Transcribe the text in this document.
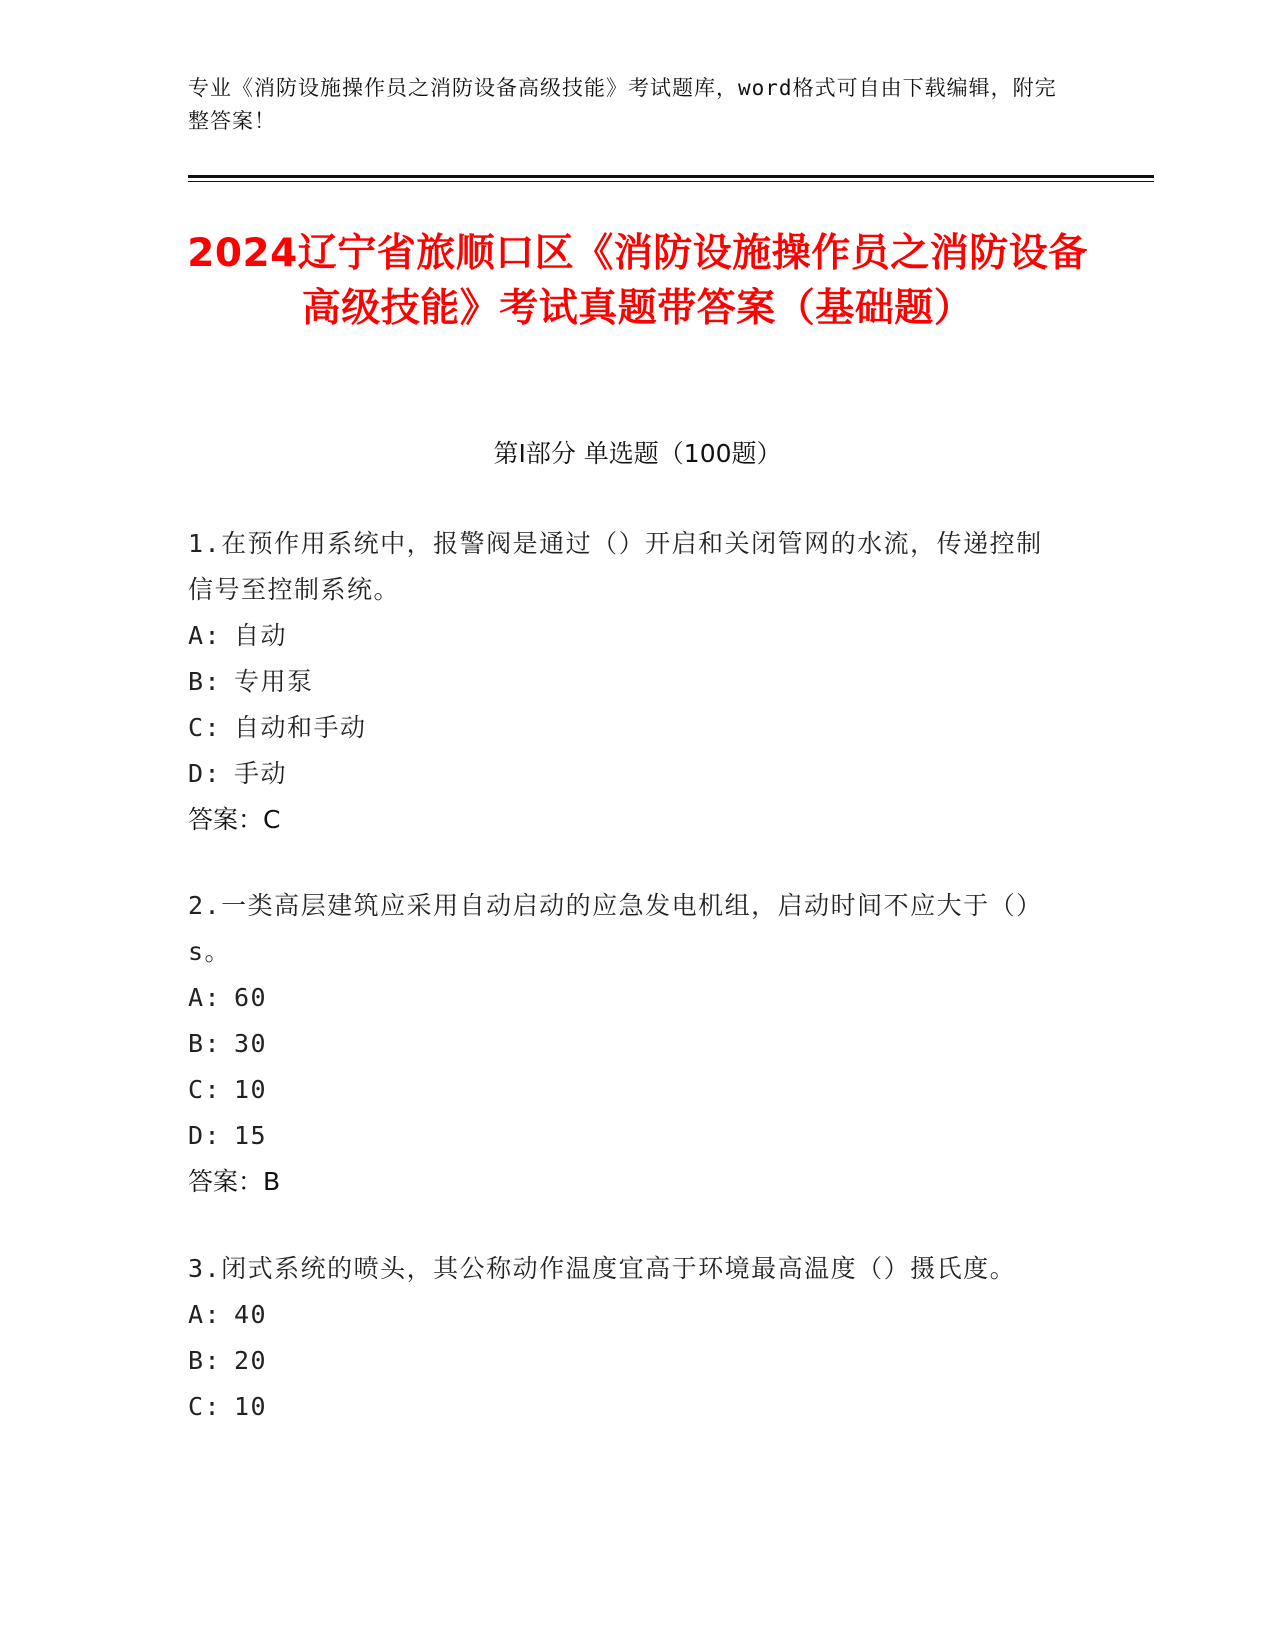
专业《消防设施操作员之消防设备高级技能》考试题库，word格式可自由下载编辑，附完整答案！
2024辽宁省旅顺口区《消防设施操作员之消防设备高级技能》考试真题带答案（基础题）
第I部分 单选题（100题）

1.在预作用系统中，报警阀是通过（）开启和关闭管网的水流，传递控制信号至控制系统。

A: 自动

B: 专用泵

C: 自动和手动

D: 手动

答案：C

2.一类高层建筑应采用自动启动的应急发电机组，启动时间不应大于（）s。

A: 60

B: 30

C: 10

D: 15

答案：B

3.闭式系统的喷头，其公称动作温度宜高于环境最高温度（）摄氏度。

A: 40

B: 20

C: 10
